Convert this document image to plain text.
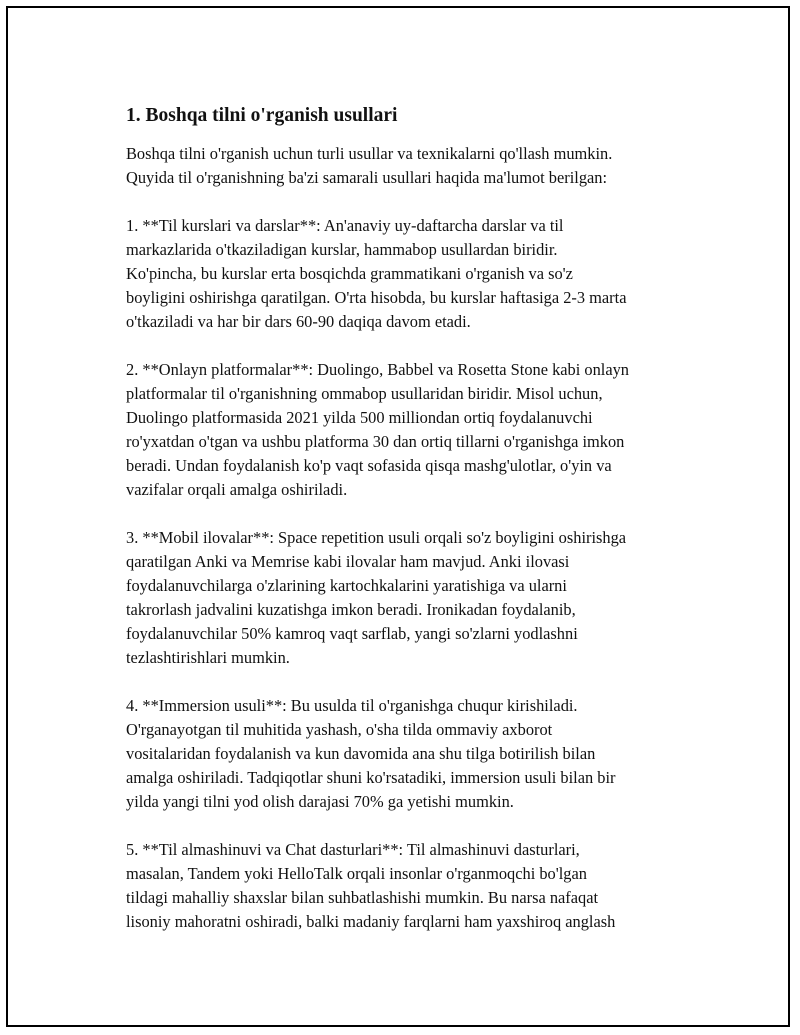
1. Boshqa tilni o'rganish usullari

Boshqa tilni o'rganish uchun turli usullar va texnikalarni qo'llash mumkin.
Quyida til o'rganishning ba'zi samarali usullari haqida ma'lumot berilgan:

1. **Til kurslari va darslar**: An'anaviy uy-daftarcha darslar va til
markazlarida o'tkaziladigan kurslar, hammabop usullardan biridir.
Ko'pincha, bu kurslar erta bosqichda grammatikani o'rganish va so'z
boyligini oshirishga qaratilgan. O'rta hisobda, bu kurslar haftasiga 2-3 marta
o'tkaziladi va har bir dars 60-90 daqiqa davom etadi.

2. **Onlayn platformalar**: Duolingo, Babbel va Rosetta Stone kabi onlayn
platformalar til o'rganishning ommabop usullaridan biridir. Misol uchun,
Duolingo platformasida 2021 yilda 500 milliondan ortiq foydalanuvchi
ro'yxatdan o'tgan va ushbu platforma 30 dan ortiq tillarni o'rganishga imkon
beradi. Undan foydalanish ko'p vaqt sofasida qisqa mashg'ulotlar, o'yin va
vazifalar orqali amalga oshiriladi.

3. **Mobil ilovalar**: Space repetition usuli orqali so'z boyligini oshirishga
qaratilgan Anki va Memrise kabi ilovalar ham mavjud. Anki ilovasi
foydalanuvchilarga o'zlarining kartochkalarini yaratishiga va ularni
takrorlash jadvalini kuzatishga imkon beradi. Ironikadan foydalanib,
foydalanuvchilar 50% kamroq vaqt sarflab, yangi so'zlarni yodlashni
tezlashtirishlari mumkin.

4. **Immersion usuli**: Bu usulda til o'rganishga chuqur kirishiladi.
O'rganayotgan til muhitida yashash, o'sha tilda ommaviy axborot
vositalaridan foydalanish va kun davomida ana shu tilga botirilish bilan
amalga oshiriladi. Tadqiqotlar shuni ko'rsatadiki, immersion usuli bilan bir
yilda yangi tilni yod olish darajasi 70% ga yetishi mumkin.

5. **Til almashinuvi va Chat dasturlari**: Til almashinuvi dasturlari,
masalan, Tandem yoki HelloTalk orqali insonlar o'rganmoqchi bo'lgan
tildagi mahalliy shaxslar bilan suhbatlashishi mumkin. Bu narsa nafaqat
lisoniy mahoratni oshiradi, balki madaniy farqlarni ham yaxshiroq anglash
